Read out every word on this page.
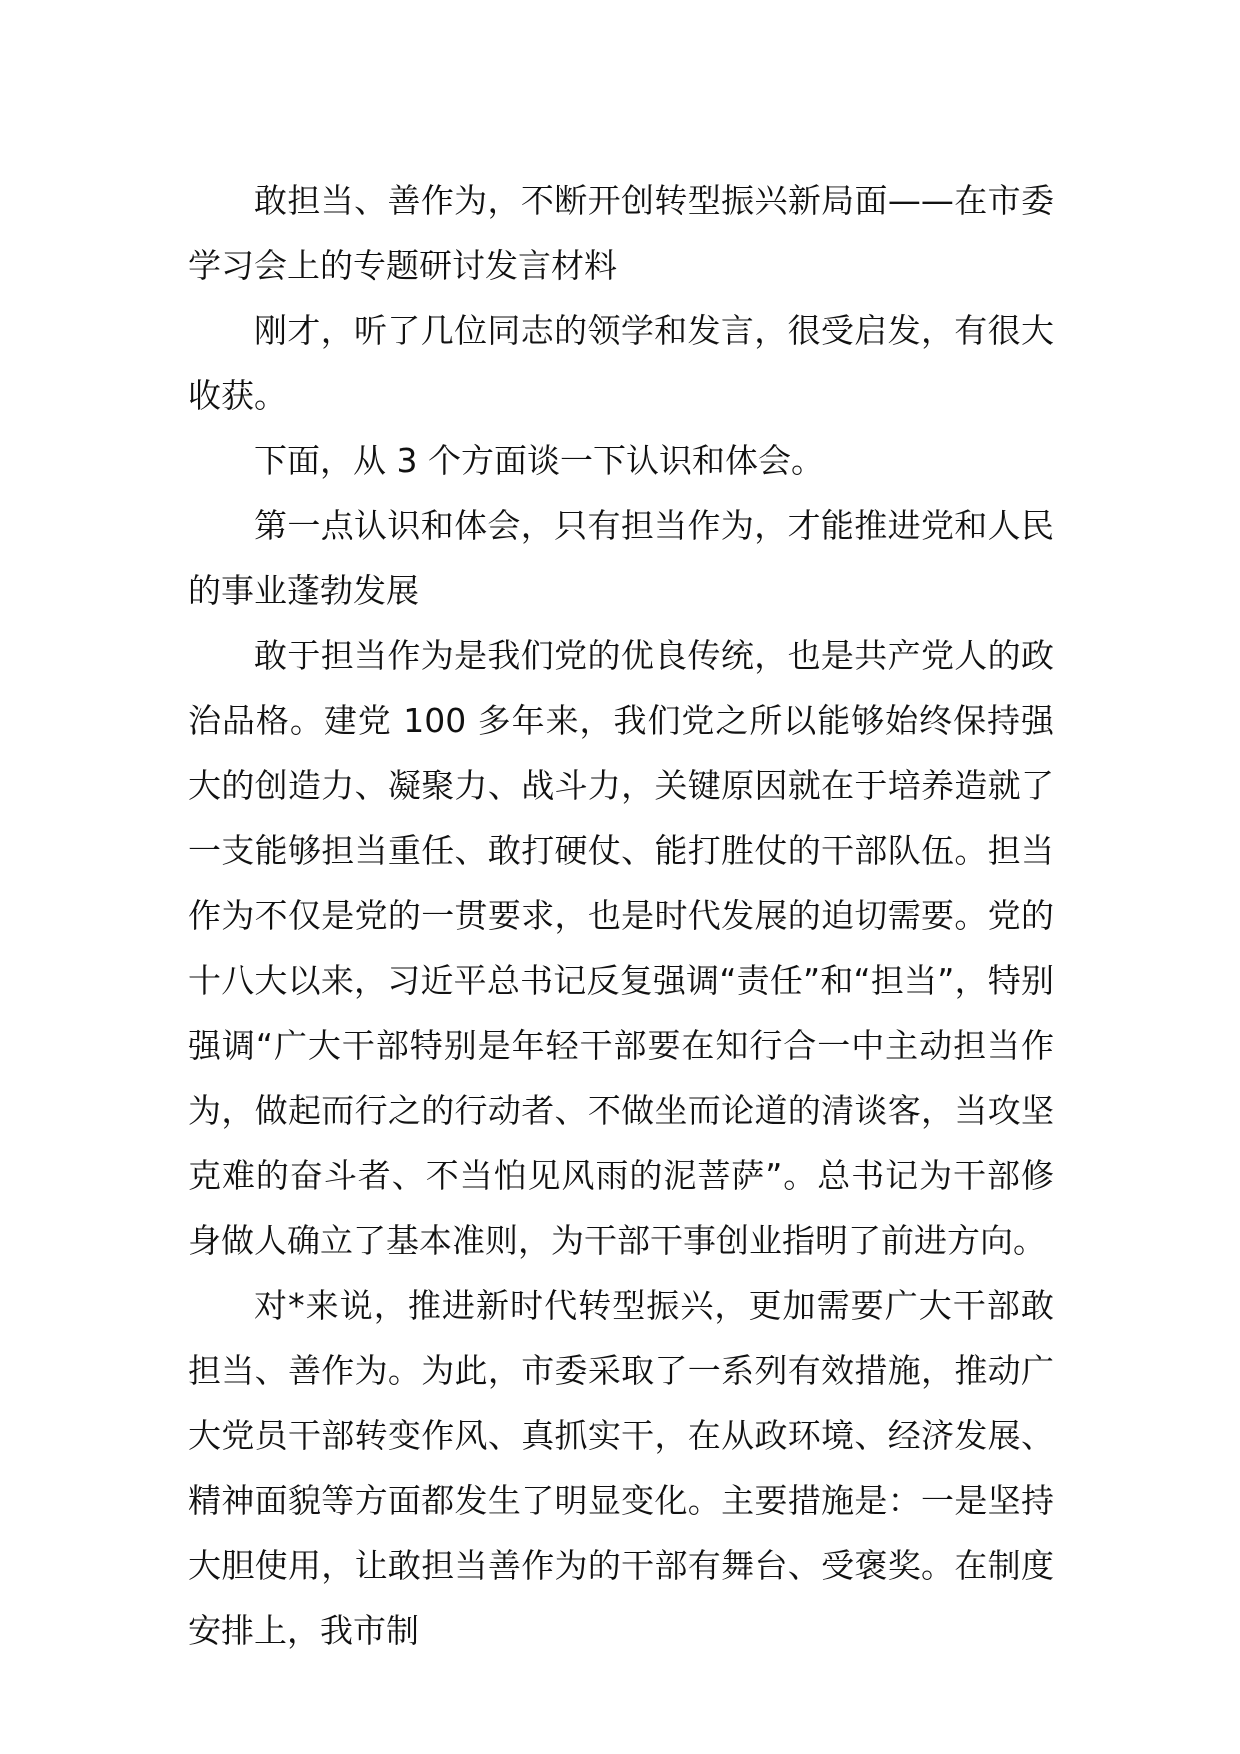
敢担当、善作为，不断开创转型振兴新局面——在市委学习会上的专题研讨发言材料

刚才，听了几位同志的领学和发言，很受启发，有很大收获。

下面，从 3 个方面谈一下认识和体会。

第一点认识和体会，只有担当作为，才能推进党和人民的事业蓬勃发展

敢于担当作为是我们党的优良传统，也是共产党人的政治品格。建党 100 多年来，我们党之所以能够始终保持强大的创造力、凝聚力、战斗力，关键原因就在于培养造就了一支能够担当重任、敢打硬仗、能打胜仗的干部队伍。担当作为不仅是党的一贯要求，也是时代发展的迫切需要。党的十八大以来，习近平总书记反复强调“责任”和“担当”，特别强调“广大干部特别是年轻干部要在知行合一中主动担当作为，做起而行之的行动者、不做坐而论道的清谈客，当攻坚克难的奋斗者、不当怕见风雨的泥菩萨”。总书记为干部修身做人确立了基本准则，为干部干事创业指明了前进方向。

对*来说，推进新时代转型振兴，更加需要广大干部敢担当、善作为。为此，市委采取了一系列有效措施，推动广大党员干部转变作风、真抓实干，在从政环境、经济发展、精神面貌等方面都发生了明显变化。主要措施是：一是坚持大胆使用，让敢担当善作为的干部有舞台、受褒奖。在制度安排上，我市制
